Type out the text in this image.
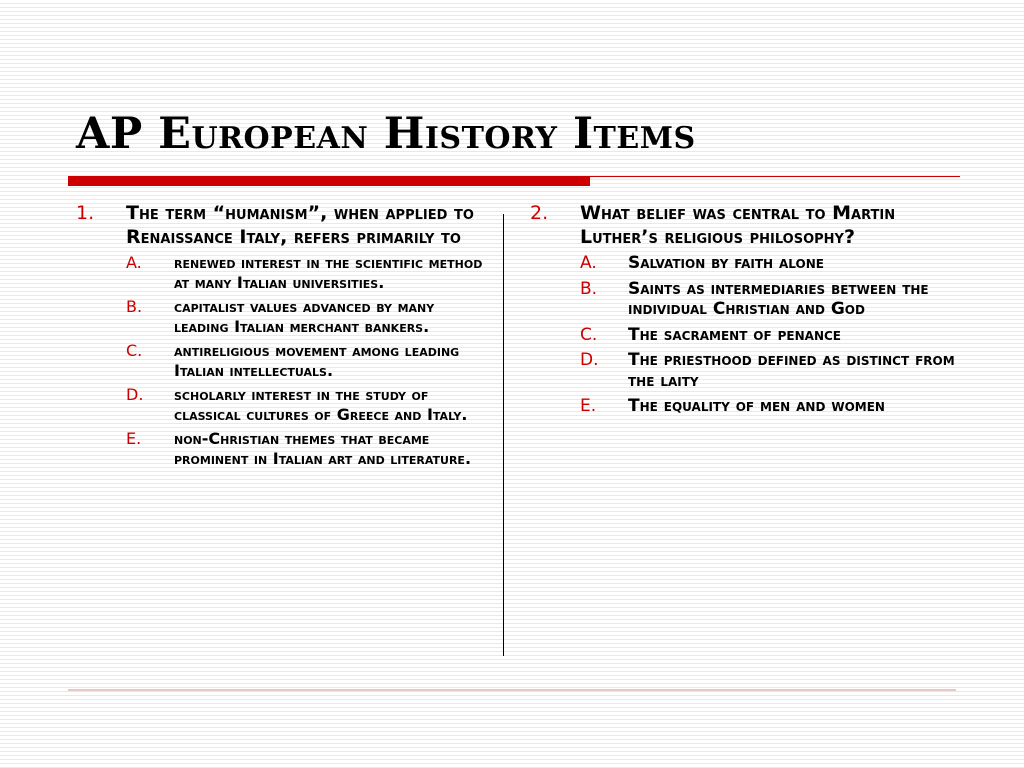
AP European History Items
1.	The term “humanism”, when applied to Renaissance Italy, refers primarily to
A.	renewed interest in the scientific method at many Italian universities.
B.	capitalist values advanced by many leading Italian merchant bankers.
C.	antireligious movement among leading Italian intellectuals.
D.	scholarly interest in the study of classical cultures of Greece and Italy.
E.	non-Christian themes that became prominent in Italian art and literature.
2.	What belief was central to Martin Luther’s religious philosophy?
A.	Salvation by faith alone
B.	Saints as intermediaries between the individual Christian and God
C.	The sacrament of penance
D.	The priesthood defined as distinct from the laity
E.	The equality of men and women
